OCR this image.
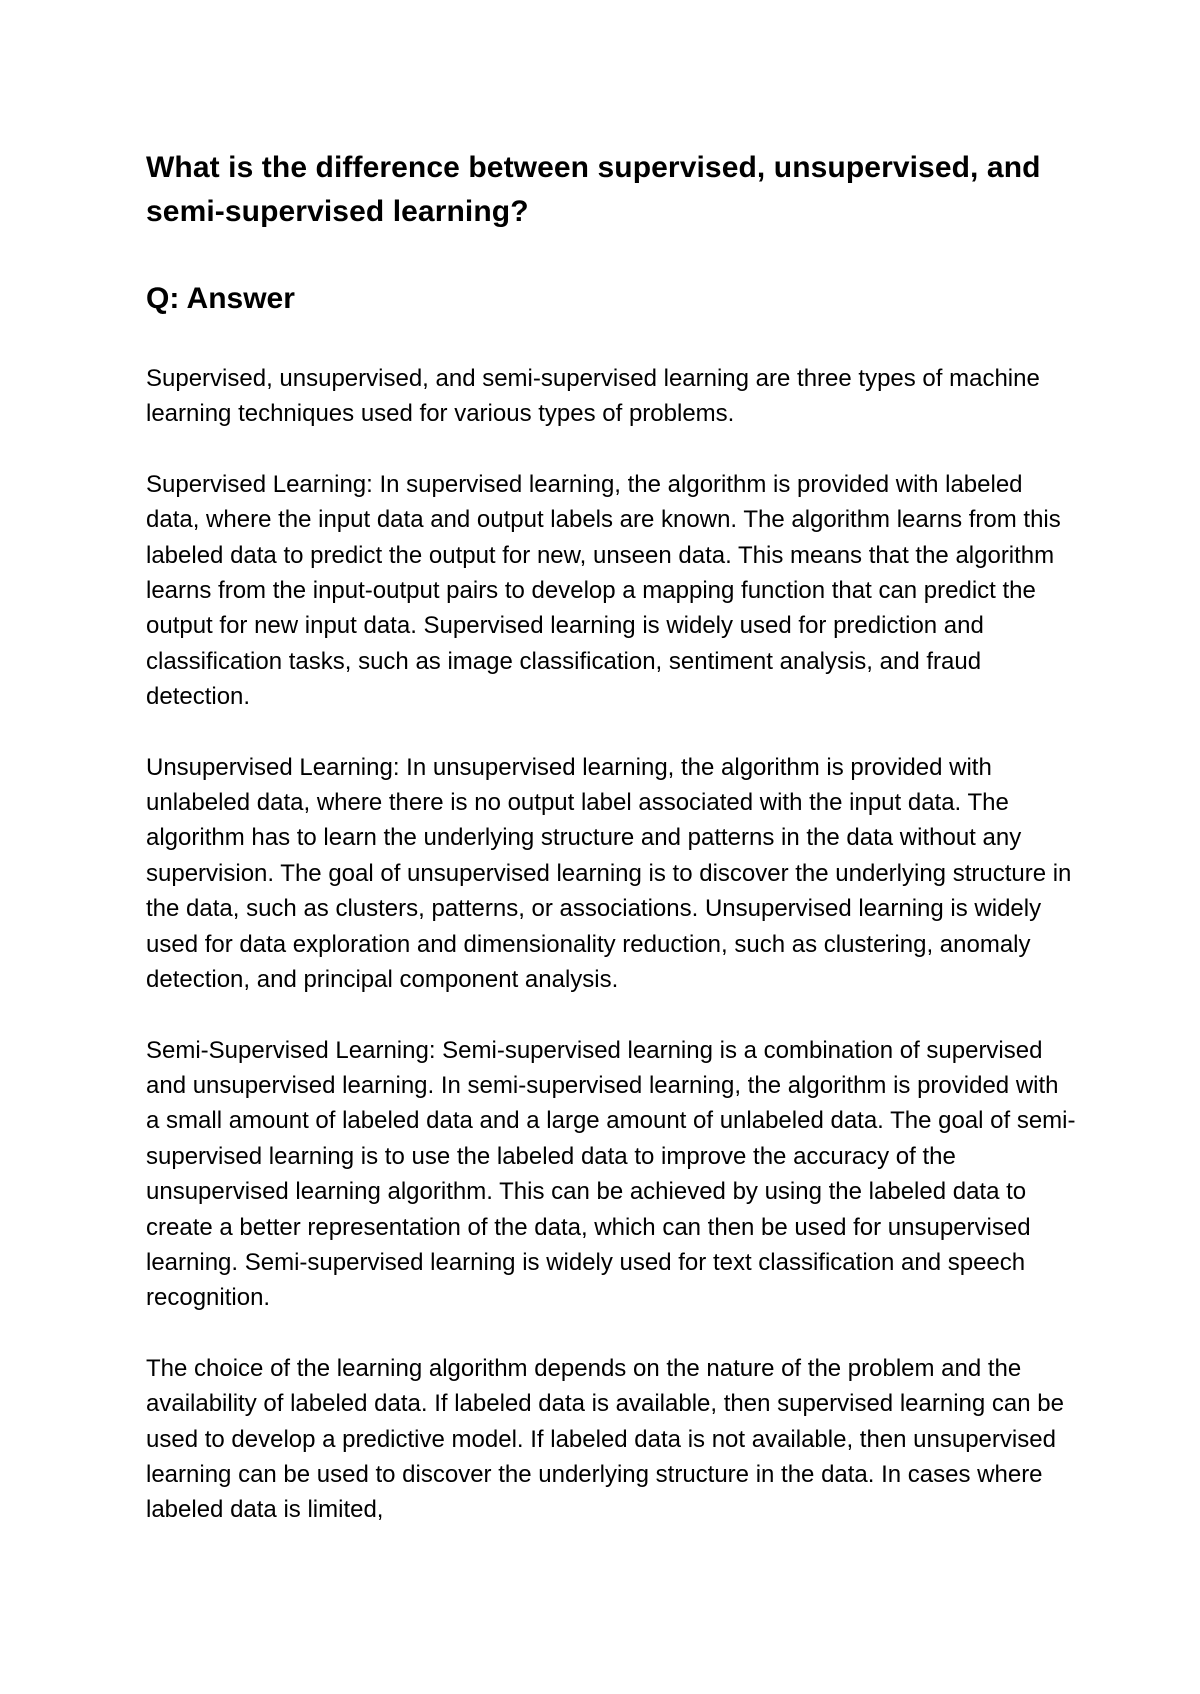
What is the difference between supervised, unsupervised, and semi-supervised learning?
Q: Answer

Supervised, unsupervised, and semi-supervised learning are three types of machine learning techniques used for various types of problems.

Supervised Learning: In supervised learning, the algorithm is provided with labeled data, where the input data and output labels are known. The algorithm learns from this labeled data to predict the output for new, unseen data. This means that the algorithm learns from the input-output pairs to develop a mapping function that can predict the output for new input data. Supervised learning is widely used for prediction and classification tasks, such as image classification, sentiment analysis, and fraud detection.

Unsupervised Learning: In unsupervised learning, the algorithm is provided with unlabeled data, where there is no output label associated with the input data. The algorithm has to learn the underlying structure and patterns in the data without any supervision. The goal of unsupervised learning is to discover the underlying structure in the data, such as clusters, patterns, or associations. Unsupervised learning is widely used for data exploration and dimensionality reduction, such as clustering, anomaly detection, and principal component analysis.

Semi-Supervised Learning: Semi-supervised learning is a combination of supervised and unsupervised learning. In semi-supervised learning, the algorithm is provided with a small amount of labeled data and a large amount of unlabeled data. The goal of semi-supervised learning is to use the labeled data to improve the accuracy of the unsupervised learning algorithm. This can be achieved by using the labeled data to create a better representation of the data, which can then be used for unsupervised learning. Semi-supervised learning is widely used for text classification and speech recognition.

The choice of the learning algorithm depends on the nature of the problem and the availability of labeled data. If labeled data is available, then supervised learning can be used to develop a predictive model. If labeled data is not available, then unsupervised learning can be used to discover the underlying structure in the data. In cases where labeled data is limited,
